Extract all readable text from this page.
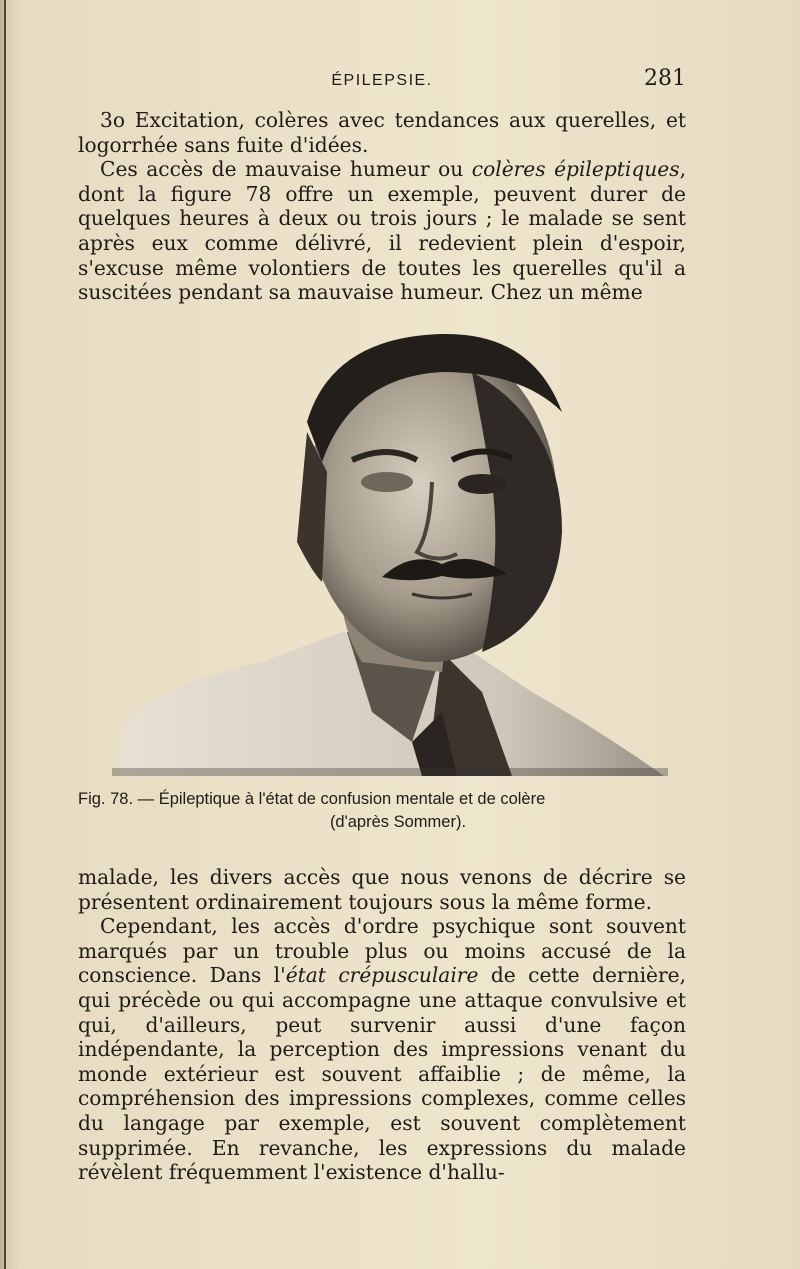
ÉPILEPSIE.	281

3o Excitation, colères avec tendances aux querelles, et logorrhée sans fuite d'idées.

Ces accès de mauvaise humeur ou colères épileptiques, dont la figure 78 offre un exemple, peuvent durer de quelques heures à deux ou trois jours ; le malade se sent après eux comme délivré, il redevient plein d'espoir, s'excuse même volontiers de toutes les querelles qu'il a suscitées pendant sa mauvaise humeur. Chez un même

Fig. 78. — Épileptique à l'état de confusion mentale et de colère
(d'après Sommer).

malade, les divers accès que nous venons de décrire se présentent ordinairement toujours sous la même forme.

Cependant, les accès d'ordre psychique sont souvent marqués par un trouble plus ou moins accusé de la conscience. Dans l'état crépusculaire de cette dernière, qui précède ou qui accompagne une attaque convulsive et qui, d'ailleurs, peut survenir aussi d'une façon indépendante, la perception des impressions venant du monde extérieur est souvent affaiblie ; de même, la compréhension des impressions complexes, comme celles du langage par exemple, est souvent complètement supprimée. En revanche, les expressions du malade révèlent fréquemment l'existence d'hallu-
